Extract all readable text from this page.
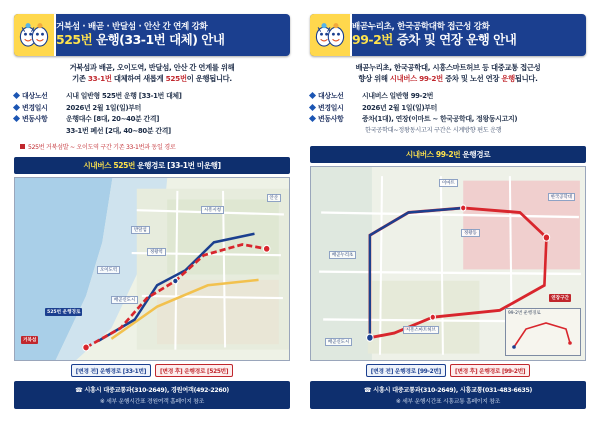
거북섬 · 배곧 · 반달섬 · 안산 간 연계 강화
525번 운행(33-1번 대체) 안내
거북섬과 배곧, 오이도역, 반달섬, 안산 간 연계를 위해
기존 33-1번 대체하여 새롭게 525번이 운행됩니다.
대상노선	시내 일반형 525번 운행 [33-1번 대체]
변경일시	2026년 2월 1일(일)부터
변동사항	운행대수 [8대, 20~40분 간격]
33-1번 폐선 [2대, 40~80분 간격]
525번 거북섬발 ~ 오이도역 구간 기존 33-1번과 동일 경로
시내버스 525번 운행경로 [33-1번 미운행]
거북섬
오이도역
시흥시청
반달섬
안산
정왕역
배곧신도시
525번 운행경로
[변경 전] 운행경로 [33-1번]	[변경 후] 운행경로 [525번]
☎ 시흥시 대중교통과(310-2649), 경원여객(492-2260)
※ 세부 운행시간표 경원여객 홈페이지 참조
배곧누리초, 한국공학대학 접근성 강화
99-2번 증차 및 연장 운행 안내
배곧누리초, 한국공학대, 시흥스마트허브 등 대중교통 접근성
향상 위해 시내버스 99-2번 증차 및 노선 연장 운행됩니다.
대상노선	시내버스 일반형 99-2번
변경일시	2026년 2월 1일(일)부터
변동사항	증차(1대), 연장(이마트 ~ 한국공학대, 정왕동시고지)
한국공학대~정왕동시고지 구간은 시계방향 편도 운행
시내버스 99-2번 운행경로
배곧누리초
한국공학대
이마트
정왕동
시흥스마트허브
배곧신도시
연장구간
99-2번 운행경로
[변경 전] 운행경로 [99-2번]	[변경 후] 운행경로 [99-2번]
☎ 시흥시 대중교통과(310-2649), 시흥교통(031-483-6635)
※ 세부 운행시간표 시흥교통 홈페이지 참조
